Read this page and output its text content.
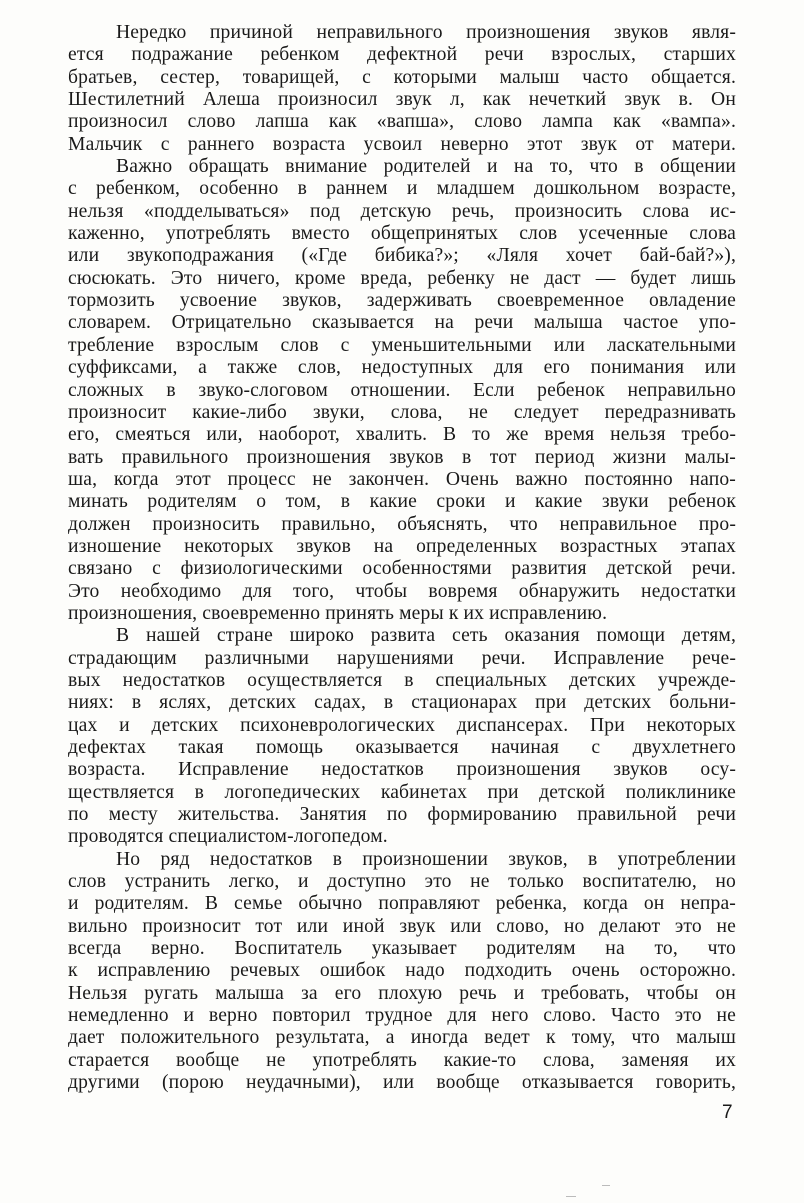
Нередко причиной неправильного произношения звуков явля-
ется подражание ребенком дефектной речи взрослых, старших
братьев, сестер, товарищей, с которыми малыш часто общается.
Шестилетний Алеша произносил звук л, как нечеткий звук в. Он
произносил слово лапша как «вапша», слово лампа как «вампа».
Мальчик с раннего возраста усвоил неверно этот звук от матери.
Важно обращать внимание родителей и на то, что в общении
с ребенком, особенно в раннем и младшем дошкольном возрасте,
нельзя «подделываться» под детскую речь, произносить слова ис-
каженно, употреблять вместо общепринятых слов усеченные слова
или звукоподражания («Где бибика?»; «Ляля хочет бай-бай?»),
сюсюкать. Это ничего, кроме вреда, ребенку не даст — будет лишь
тормозить усвоение звуков, задерживать своевременное овладение
словарем. Отрицательно сказывается на речи малыша частое упо-
требление взрослым слов с уменьшительными или ласкательными
суффиксами, а также слов, недоступных для его понимания или
сложных в звуко-слоговом отношении. Если ребенок неправильно
произносит какие-либо звуки, слова, не следует передразнивать
его, смеяться или, наоборот, хвалить. В то же время нельзя требо-
вать правильного произношения звуков в тот период жизни малы-
ша, когда этот процесс не закончен. Очень важно постоянно напо-
минать родителям о том, в какие сроки и какие звуки ребенок
должен произносить правильно, объяснять, что неправильное про-
изношение некоторых звуков на определенных возрастных этапах
связано с физиологическими особенностями развития детской речи.
Это необходимо для того, чтобы вовремя обнаружить недостатки
произношения, своевременно принять меры к их исправлению.
В нашей стране широко развита сеть оказания помощи детям,
страдающим различными нарушениями речи. Исправление рече-
вых недостатков осуществляется в специальных детских учрежде-
ниях: в яслях, детских садах, в стационарах при детских больни-
цах и детских психоневрологических диспансерах. При некоторых
дефектах такая помощь оказывается начиная с двухлетнего
возраста. Исправление недостатков произношения звуков осу-
ществляется в логопедических кабинетах при детской поликлинике
по месту жительства. Занятия по формированию правильной речи
проводятся специалистом-логопедом.
Но ряд недостатков в произношении звуков, в употреблении
слов устранить легко, и доступно это не только воспитателю, но
и родителям. В семье обычно поправляют ребенка, когда он непра-
вильно произносит тот или иной звук или слово, но делают это не
всегда верно. Воспитатель указывает родителям на то, что
к исправлению речевых ошибок надо подходить очень осторожно.
Нельзя ругать малыша за его плохую речь и требовать, чтобы он
немедленно и верно повторил трудное для него слово. Часто это не
дает положительного результата, а иногда ведет к тому, что малыш
старается вообще не употреблять какие-то слова, заменяя их
другими (порою неудачными), или вообще отказывается говорить,
7
